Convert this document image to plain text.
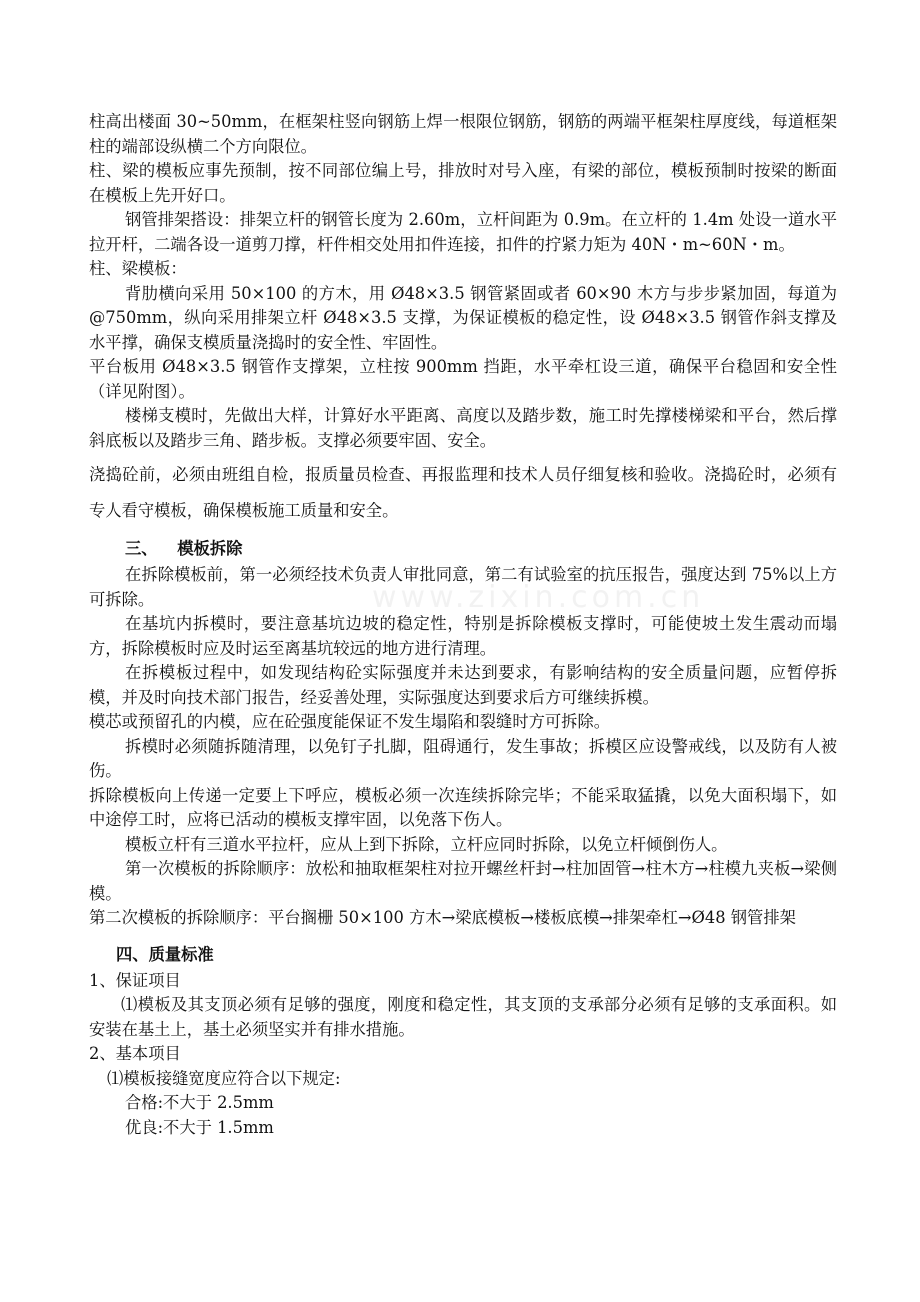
www.zixin.com.cn

柱高出楼面 30~50mm，在框架柱竖向钢筋上焊一根限位钢筋，钢筋的两端平框架柱厚度线，每道框架柱的端部设纵横二个方向限位。

柱、梁的模板应事先预制，按不同部位编上号，排放时对号入座，有梁的部位，模板预制时按梁的断面在模板上先开好口。

钢管排架搭设：排架立杆的钢管长度为 2.60m，立杆间距为 0.9m。在立杆的 1.4m 处设一道水平拉开杆，二端各设一道剪刀撑，杆件相交处用扣件连接，扣件的拧紧力矩为 40N・m~60N・m。

柱、梁模板：

背肋横向采用 50×100 的方木，用 Ø48×3.5 钢管紧固或者 60×90 木方与步步紧加固，每道为@750mm，纵向采用排架立杆 Ø48×3.5 支撑，为保证模板的稳定性，设 Ø48×3.5 钢管作斜支撑及水平撑，确保支模质量浇捣时的安全性、牢固性。

平台板用 Ø48×3.5 钢管作支撑架，立柱按 900mm 挡距，水平牵杠设三道，确保平台稳固和安全性（详见附图）。

楼梯支模时，先做出大样，计算好水平距离、高度以及踏步数，施工时先撑楼梯梁和平台，然后撑斜底板以及踏步三角、踏步板。支撑必须要牢固、安全。

浇捣砼前，必须由班组自检，报质量员检查、再报监理和技术人员仔细复核和验收。浇捣砼时，必须有专人看守模板，确保模板施工质量和安全。

三、 模板拆除

在拆除模板前，第一必须经技术负责人审批同意，第二有试验室的抗压报告，强度达到 75%以上方可拆除。

在基坑内拆模时，要注意基坑边坡的稳定性，特别是拆除模板支撑时，可能使坡土发生震动而塌方，拆除模板时应及时运至离基坑较远的地方进行清理。

在拆模板过程中，如发现结构砼实际强度并未达到要求，有影响结构的安全质量问题，应暂停拆模，并及时向技术部门报告，经妥善处理，实际强度达到要求后方可继续拆模。

模芯或预留孔的内模，应在砼强度能保证不发生塌陷和裂缝时方可拆除。

拆模时必须随拆随清理，以免钉子扎脚，阻碍通行，发生事故；拆模区应设警戒线，以及防有人被伤。

拆除模板向上传递一定要上下呼应，模板必须一次连续拆除完毕；不能采取猛撬，以免大面积塌下，如中途停工时，应将已活动的模板支撑牢固，以免落下伤人。

模板立杆有三道水平拉杆，应从上到下拆除，立杆应同时拆除，以免立杆倾倒伤人。

第一次模板的拆除顺序：放松和抽取框架柱对拉开螺丝杆封→柱加固管→柱木方→柱模九夹板→梁侧模。

第二次模板的拆除顺序：平台搁栅 50×100 方木→梁底模板→楼板底模→排架牵杠→Ø48 钢管排架

四、质量标准

1、保证项目

⑴模板及其支顶必须有足够的强度，刚度和稳定性，其支顶的支承部分必须有足够的支承面积。如安装在基土上，基土必须坚实并有排水措施。

2、基本项目

⑴模板接缝宽度应符合以下规定:

合格:不大于 2.5mm

优良:不大于 1.5mm
